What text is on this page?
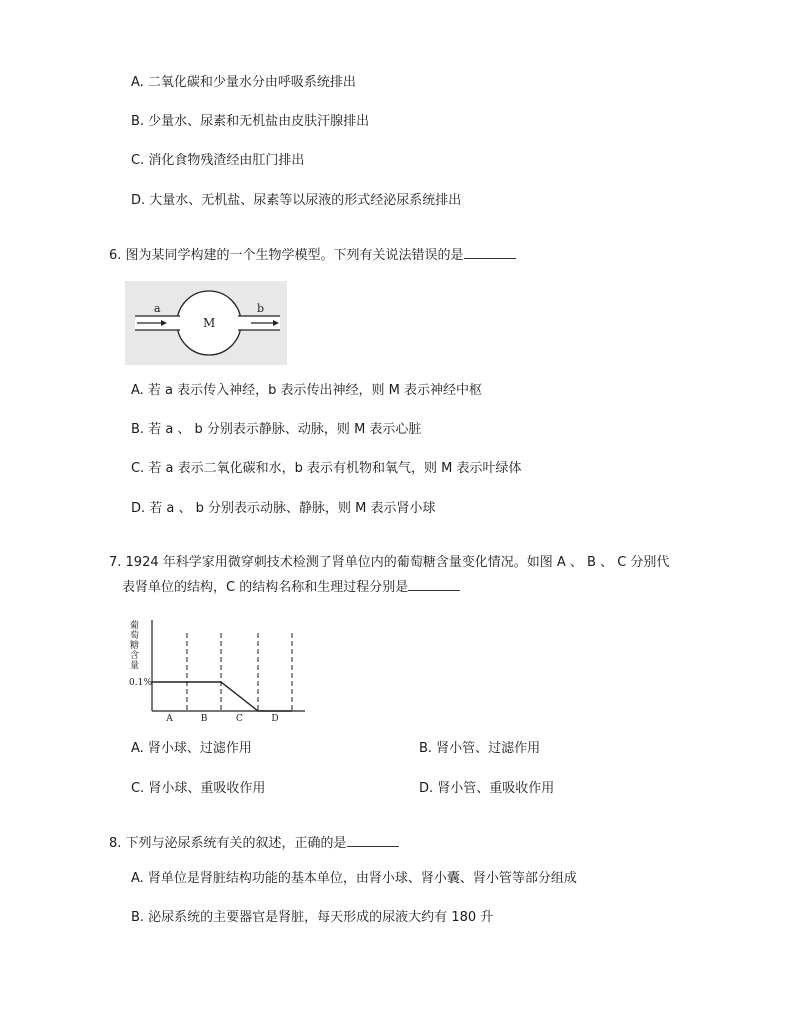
A. 二氧化碳和少量水分由呼吸系统排出
B. 少量水、尿素和无机盐由皮肤汗腺排出
C. 消化食物残渣经由肛门排出
D. 大量水、无机盐、尿素等以尿液的形式经泌尿系统排出
6. 图为某同学构建的一个生物学模型。下列有关说法错误的是
a	b
M
A. 若 a 表示传入神经，b 表示传出神经，则 M 表示神经中枢
B. 若 a 、 b 分别表示静脉、动脉，则 M 表示心脏
C. 若 a 表示二氧化碳和水，b 表示有机物和氧气，则 M 表示叶绿体
D. 若 a 、 b 分别表示动脉、静脉，则 M 表示肾小球
7. 1924 年科学家用微穿刺技术检测了肾单位内的葡萄糖含量变化情况。如图 A 、 B 、 C 分别代
表肾单位的结构，C 的结构名称和生理过程分别是
葡
萄
糖
含
量
0.1%
A	B	C	D
A. 肾小球、过滤作用	B. 肾小管、过滤作用
C. 肾小球、重吸收作用	D. 肾小管、重吸收作用
8. 下列与泌尿系统有关的叙述，正确的是
A. 肾单位是肾脏结构功能的基本单位，由肾小球、肾小囊、肾小管等部分组成
B. 泌尿系统的主要器官是肾脏，每天形成的尿液大约有 180 升
